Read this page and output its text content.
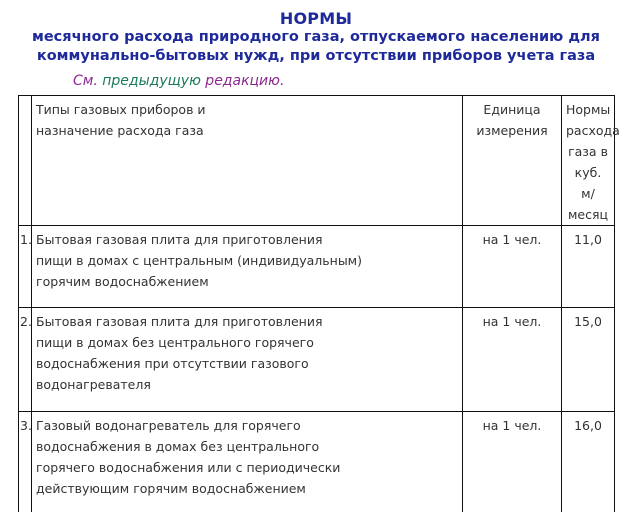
НОРМЫ
месячного расхода природного газа, отпускаемого населению для
коммунально-бытовых нужд, при отсутствии приборов учета газа
См. предыдущую редакцию.
	Типы газовых приборов и
назначение расхода газа	Единица
измерения	Нормы
расхода
газа в
куб.
м/месяц
1.	Бытовая газовая плита для приготовления
пищи в домах с центральным (индивидуальным)
горячим водоснабжением	на 1 чел.	11,0
2.	Бытовая газовая плита для приготовления
пищи в домах без центрального горячего
водоснабжения при отсутствии газового
водонагревателя	на 1 чел.	15,0
3.	Газовый водонагреватель для горячего
водоснабжения в домах без центрального
горячего водоснабжения или с периодически
действующим горячим водоснабжением	на 1 чел.	16,0
